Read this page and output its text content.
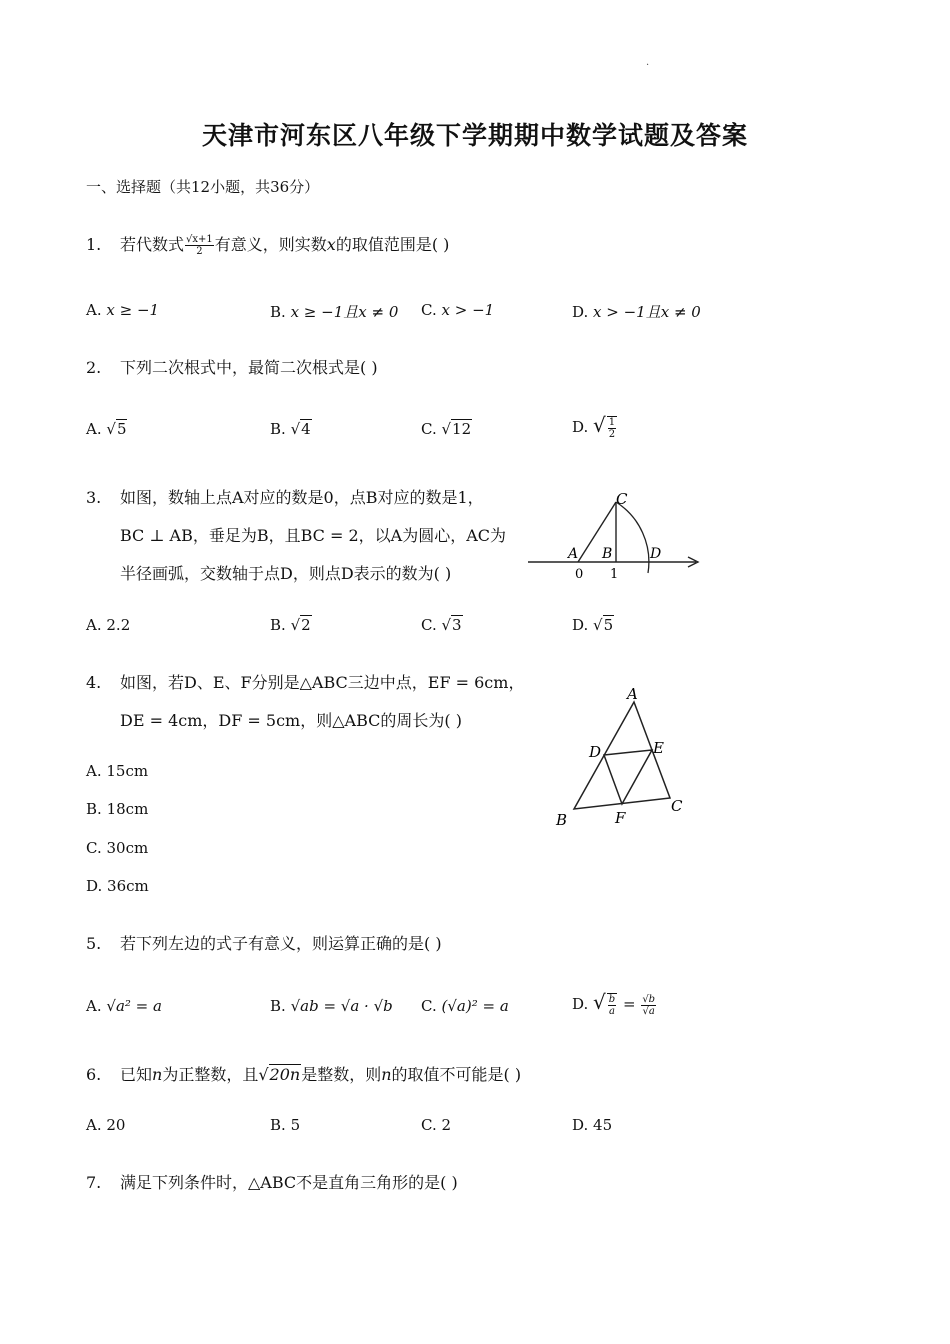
·
天津市河东区八年级下学期期中数学试题及答案
一、选择题（共12小题，共36分）
1. 若代数式 $\frac{√x+1}{2}$ 有意义，则实数x的取值范围是( )
A. x ≥ −1	B. x ≥ −1且x ≠ 0 C. x > −1	D. x > −1且x ≠ 0
2. 下列二次根式中，最简二次根式是( )
A. √5	B. √4	C. √12	D. √ $\frac{1}{2}$
3. 如图，数轴上点A对应的数是0，点B对应的数是1，
BC ⊥ AB，垂足为B，且BC = 2，以A为圆心，AC为
半径画弧，交数轴于点D，则点D表示的数为( )
C
A B	D
0 1
A. 2.2	B. √2	C. √3	D. √5
4. 如图，若D、E、F分别是△ABC三边中点，EF = 6cm，
DE = 4cm，DF = 5cm，则△ABC的周长为( )
A
B
C
D	E
F
A. 15cm
B. 18cm
C. 30cm
D. 36cm
5. 若下列左边的式子有意义，则运算正确的是( )
A. √a² = a	B. √ab = √a · √b C. (√a)² = a	D. √ $\frac{b}{a} = \frac{√b}{√a}$
6. 已知n为正整数，且√20n是整数，则n的取值不可能是( )
A. 20	B. 5	C. 2	D. 45
7. 满足下列条件时，△ABC不是直角三角形的是( )
